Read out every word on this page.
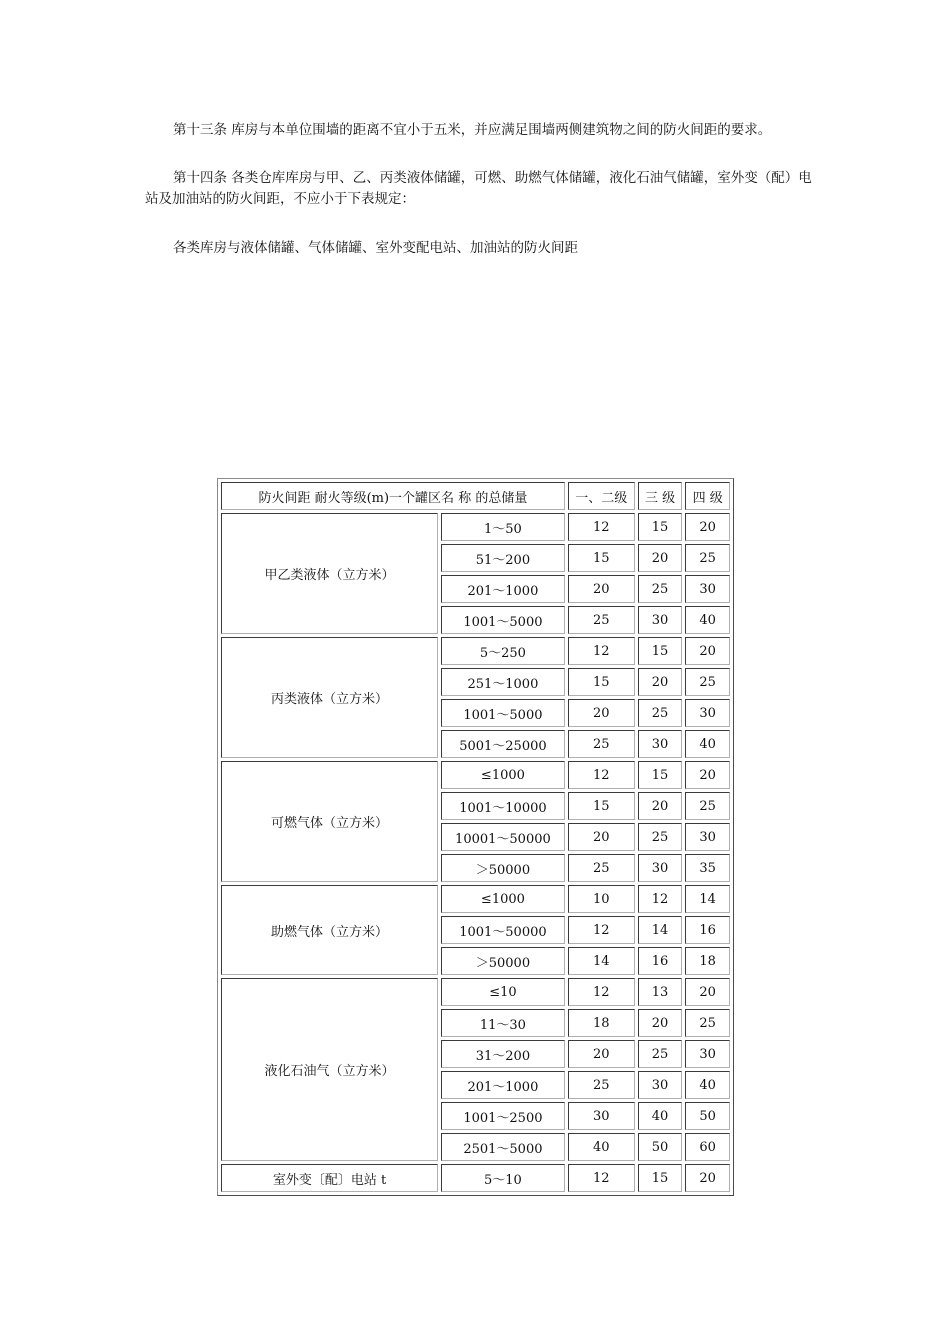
第十三条 库房与本单位围墙的距离不宜小于五米，并应满足围墙两侧建筑物之间的防火间距的要求。

第十四条 各类仓库库房与甲、乙、丙类液体储罐，可燃、助燃气体储罐，液化石油气储罐，室外变（配）电站及加油站的防火间距，不应小于下表规定：

各类库房与液体储罐、气体储罐、室外变配电站、加油站的防火间距

防火间距 耐火等级(m)一个罐区名 称 的总储量		一、二级	三 级	四 级
甲乙类液体（立方米）	1～50	12	15	20
	51～200	15	20	25
	201～1000	20	25	30
	1001～5000	25	30	40
丙类液体（立方米）	5～250	12	15	20
	251～1000	15	20	25
	1001～5000	20	25	30
	5001～25000	25	30	40
可燃气体（立方米）	≤1000	12	15	20
	1001～10000	15	20	25
	10001～50000	20	25	30
	＞50000	25	30	35
助燃气体（立方米）	≤1000	10	12	14
	1001～50000	12	14	16
	＞50000	14	16	18
液化石油气（立方米）	≤10	12	13	20
	11～30	18	20	25
	31～200	20	25	30
	201～1000	25	30	40
	1001～2500	30	40	50
	2501～5000	40	50	60
室外变〔配〕电站 t	5～10	12	15	20
